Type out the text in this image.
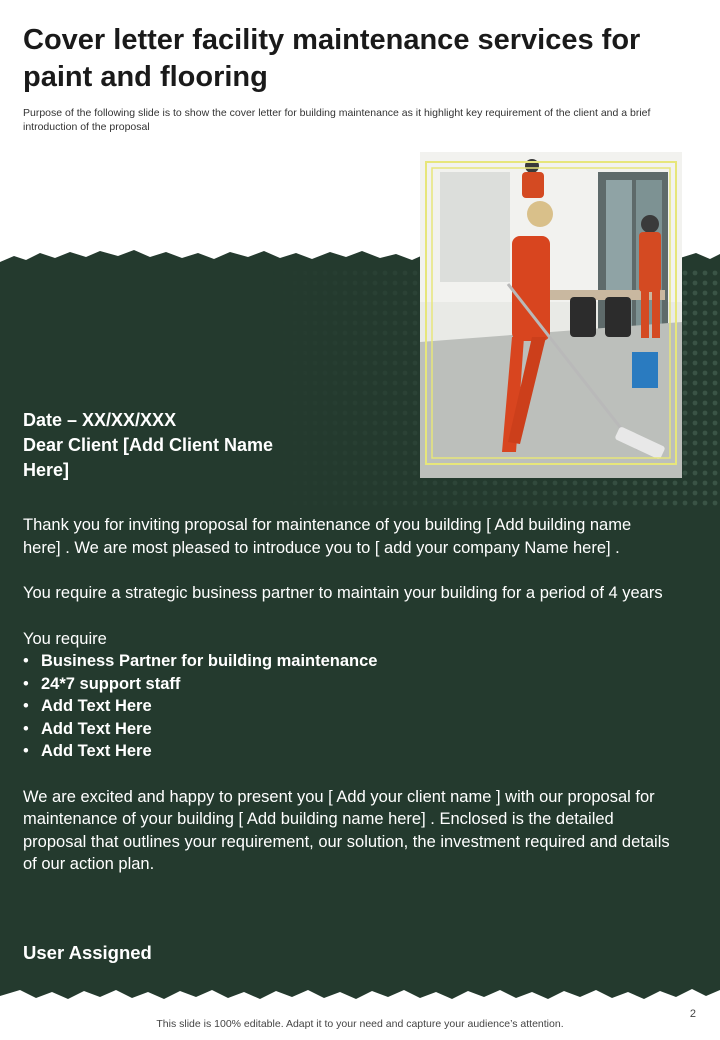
Cover letter facility maintenance services for paint and flooring

Purpose of the following slide is to show the cover letter for building maintenance as it highlight key requirement of the client and a brief introduction of the proposal

Date – XX/XX/XXX

Dear Client [Add Client Name Here]

Thank you for inviting proposal for maintenance of you building [ Add building name here] . We are most pleased to introduce you to [ add your company Name here] .

You require a strategic business partner to maintain your building for a period of 4 years

You require

• Business Partner for building maintenance
• 24*7 support staff
• Add Text Here
• Add Text Here
• Add Text Here

We are excited and happy to present you [ Add your client name ] with our proposal for maintenance of your building [ Add building name here] . Enclosed is the detailed proposal that outlines your requirement, our solution, the investment required and details of our action plan.

User Assigned
2
This slide is 100% editable. Adapt it to your need and capture your audience’s attention.
